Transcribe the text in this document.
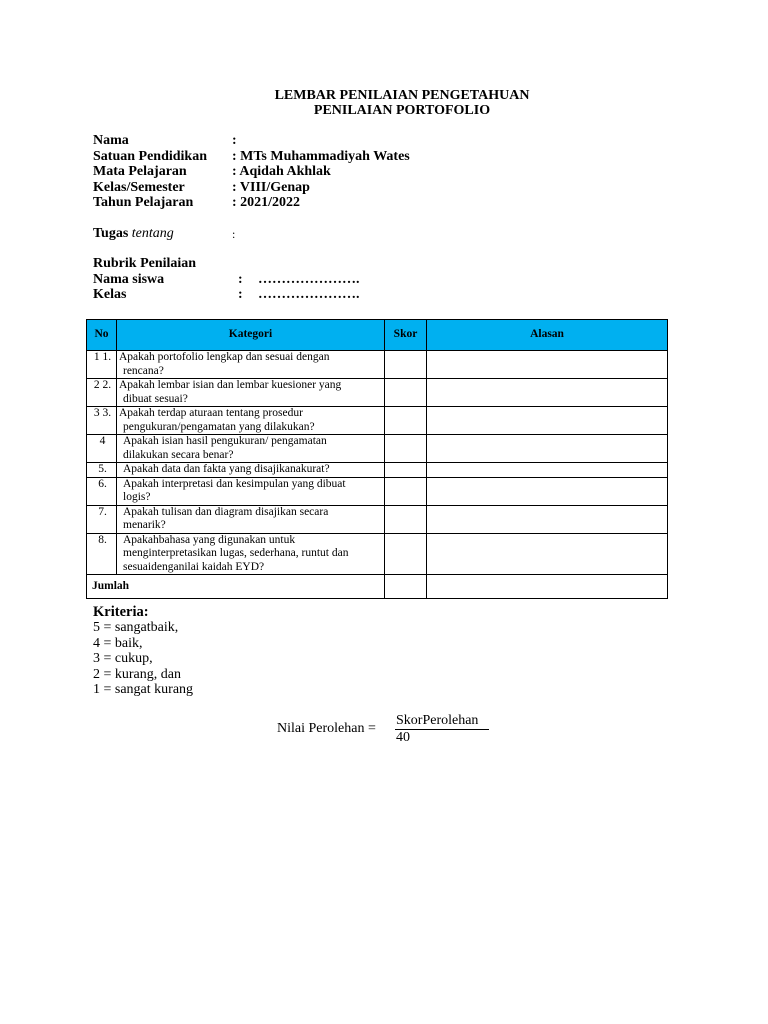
LEMBAR PENILAIAN PENGETAHUAN
PENILAIAN PORTOFOLIO
Nama	:
Satuan Pendidikan : MTs Muhammadiyah Wates
Mata Pelajaran	: Aqidah Akhlak
Kelas/Semester	: VIII/Genap
Tahun Pelajaran	: 2021/2022
Tugas tentang	:
Rubrik Penilaian
Nama siswa	: ………………….
Kelas	: ………………….
No	Kategori	Skor	Alasan
1 1.	Apakah portofolio lengkap dan sesuai dengan
rencana?		

2 2.	Apakah lembar isian dan lembar kuesioner yang
dibuat sesuai?		

3 3.	Apakah terdap aturaan tentang prosedur
pengukuran/pengamatan yang dilakukan?		

4	Apakah isian hasil pengukuran/ pengamatan
dilakukan secara benar?		

5.	Apakah data dan fakta yang disajikanakurat?		

6.	Apakah interpretasi dan kesimpulan yang dibuat
logis?		

7.	Apakah tulisan dan diagram disajikan secara
menarik?		

8.	Apakahbahasa yang digunakan untuk
menginterpretasikan lugas, sederhana, runtut dan
sesuaidenganilai kaidah EYD?		

Jumlah			
Kriteria:
5 = sangatbaik,
4 = baik,
3 = cukup,
2 = kurang, dan
1 = sangat kurang
Nilai Perolehan =
SkorPerolehan
40
